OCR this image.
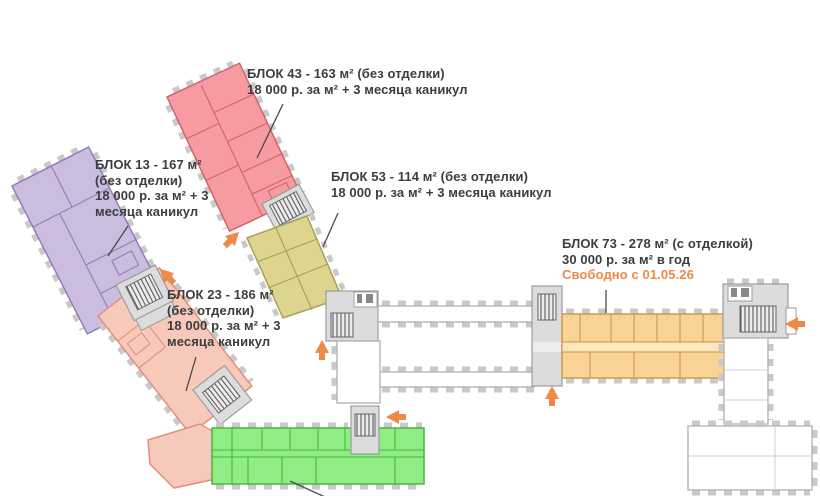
БЛОК 43 - 163 м² (без отделки)
18 000 р. за м² + 3 месяца каникул
БЛОК 13 - 167 м²
(без отделки)
18 000 р. за м² + 3
месяца каникул
БЛОК 53 - 114 м² (без отделки)
18 000 р. за м² + 3 месяца каникул
БЛОК 73 - 278 м² (с отделкой)
30 000 р. за м² в год
Свободно с 01.05.26
БЛОК 23 - 186 м²
(без отделки)
18 000 р. за м² + 3
месяца каникул
